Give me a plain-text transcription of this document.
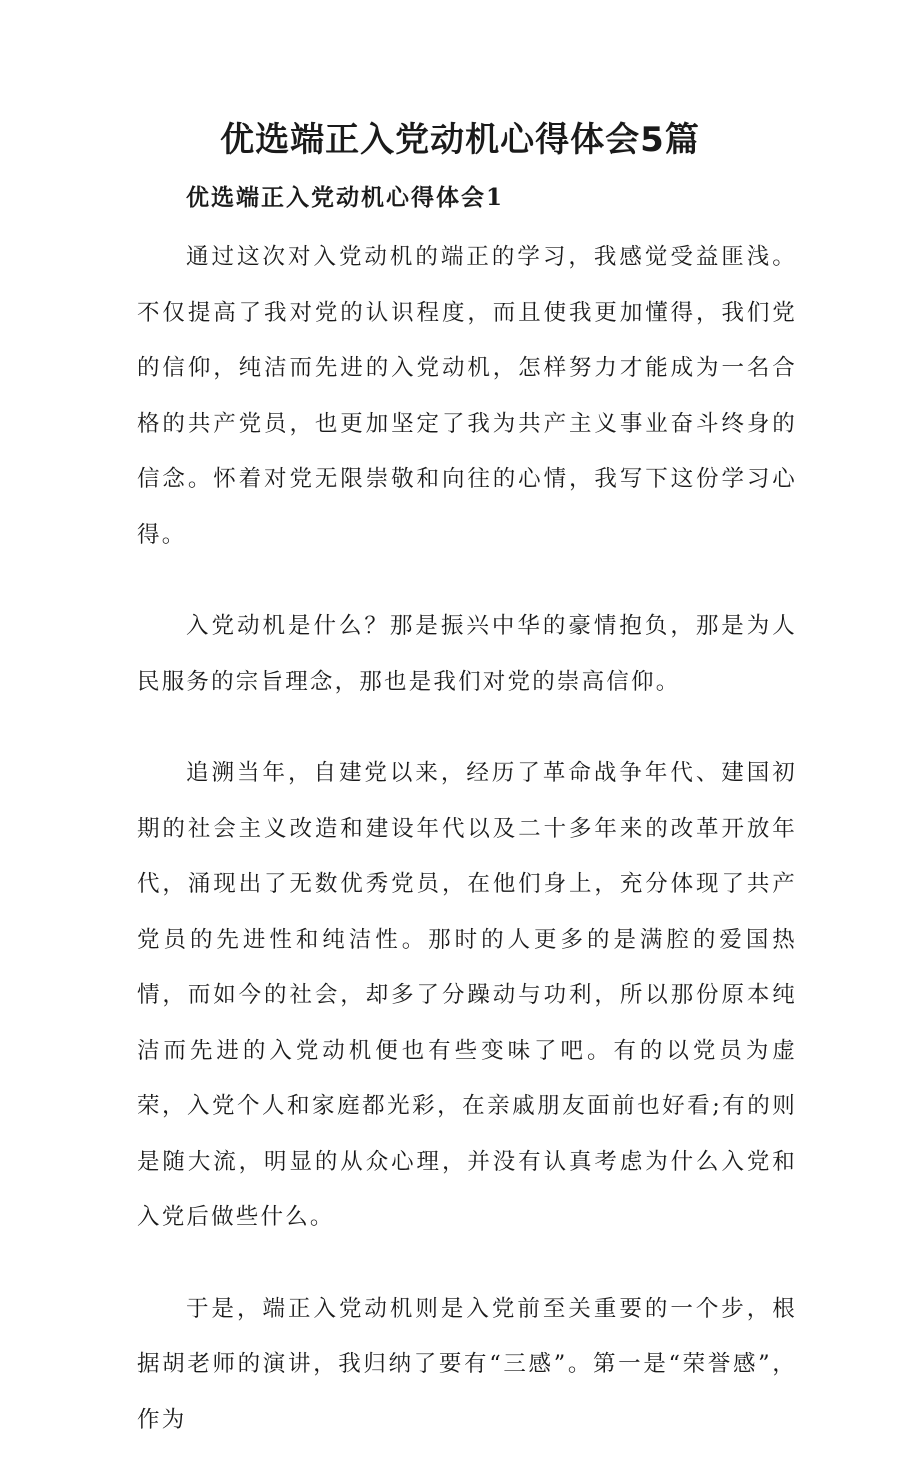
优选端正入党动机心得体会5篇
优选端正入党动机心得体会1

通过这次对入党动机的端正的学习，我感觉受益匪浅。不仅提高了我对党的认识程度，而且使我更加懂得，我们党的信仰，纯洁而先进的入党动机，怎样努力才能成为一名合格的共产党员，也更加坚定了我为共产主义事业奋斗终身的信念。怀着对党无限崇敬和向往的心情，我写下这份学习心得。

入党动机是什么？那是振兴中华的豪情抱负，那是为人民服务的宗旨理念，那也是我们对党的崇高信仰。

追溯当年，自建党以来，经历了革命战争年代、建国初期的社会主义改造和建设年代以及二十多年来的改革开放年代，涌现出了无数优秀党员，在他们身上，充分体现了共产党员的先进性和纯洁性。那时的人更多的是满腔的爱国热情，而如今的社会，却多了分躁动与功利，所以那份原本纯洁而先进的入党动机便也有些变味了吧。有的以党员为虚荣，入党个人和家庭都光彩，在亲戚朋友面前也好看;有的则是随大流，明显的从众心理，并没有认真考虑为什么入党和入党后做些什么。

于是，端正入党动机则是入党前至关重要的一个步，根据胡老师的演讲，我归纳了要有“三感”。第一是“荣誉感”，作为
